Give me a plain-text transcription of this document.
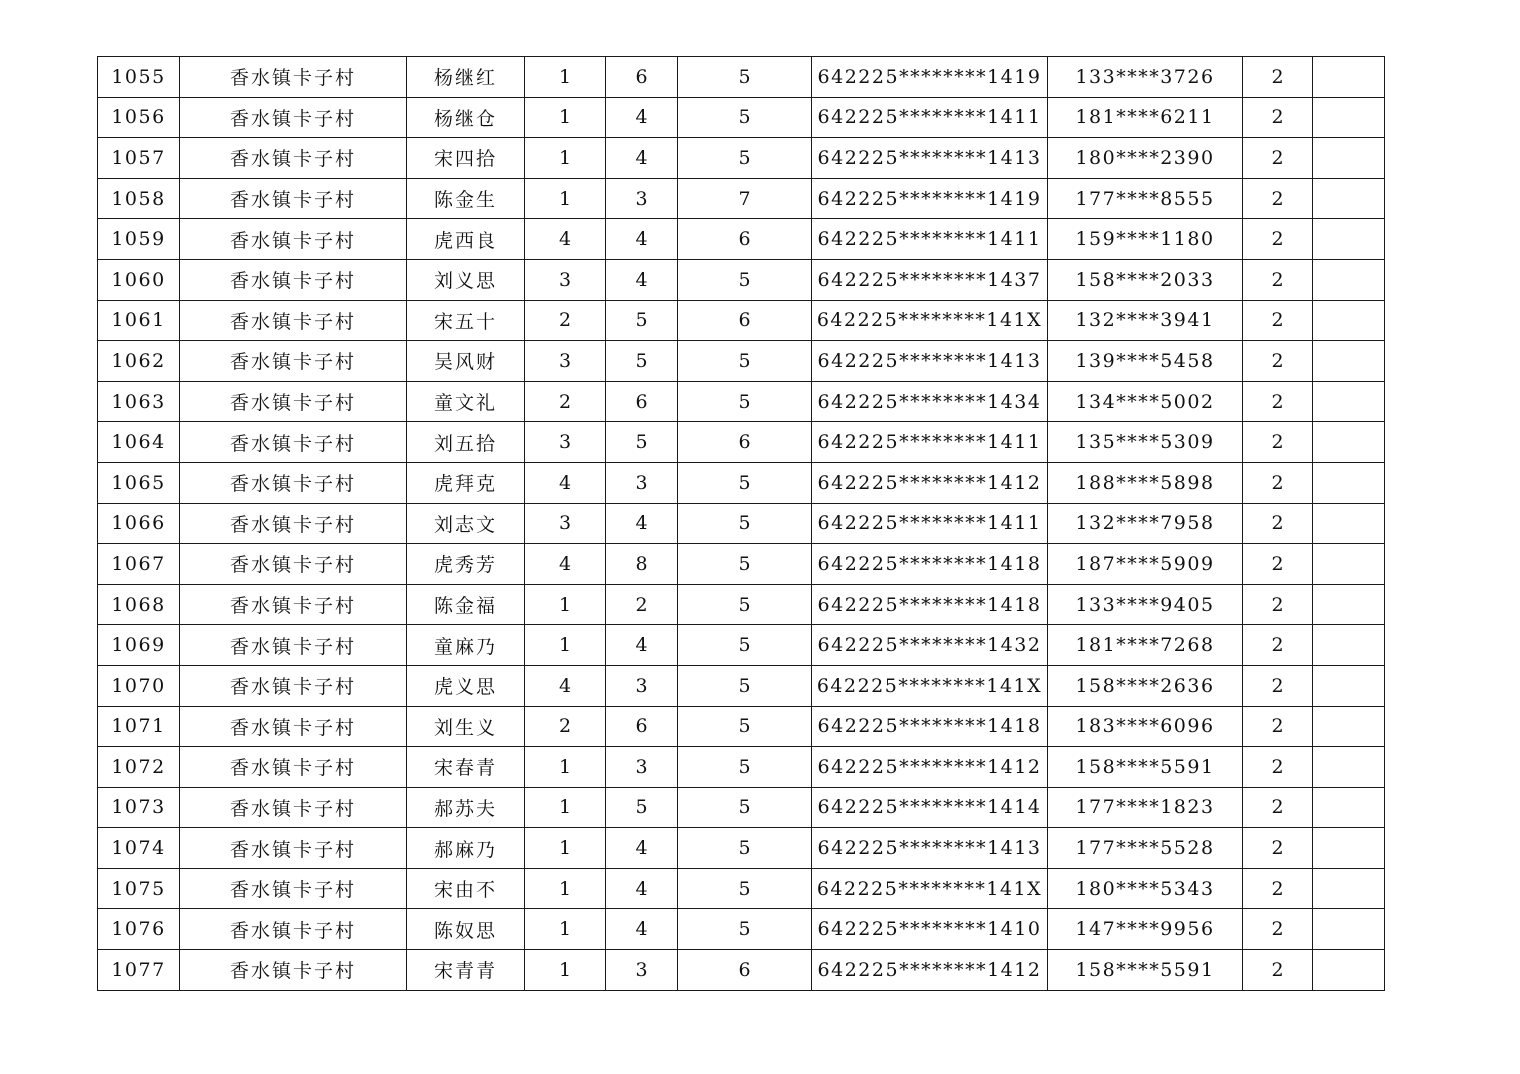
1055	香水镇卡子村	杨继红	1	6	5	642225********1419	133****3726	2	
1056	香水镇卡子村	杨继仓	1	4	5	642225********1411	181****6211	2	
1057	香水镇卡子村	宋四拾	1	4	5	642225********1413	180****2390	2	
1058	香水镇卡子村	陈金生	1	3	7	642225********1419	177****8555	2	
1059	香水镇卡子村	虎西良	4	4	6	642225********1411	159****1180	2	
1060	香水镇卡子村	刘义思	3	4	5	642225********1437	158****2033	2	
1061	香水镇卡子村	宋五十	2	5	6	642225********141X	132****3941	2	
1062	香水镇卡子村	吴风财	3	5	5	642225********1413	139****5458	2	
1063	香水镇卡子村	童文礼	2	6	5	642225********1434	134****5002	2	
1064	香水镇卡子村	刘五拾	3	5	6	642225********1411	135****5309	2	
1065	香水镇卡子村	虎拜克	4	3	5	642225********1412	188****5898	2	
1066	香水镇卡子村	刘志文	3	4	5	642225********1411	132****7958	2	
1067	香水镇卡子村	虎秀芳	4	8	5	642225********1418	187****5909	2	
1068	香水镇卡子村	陈金福	1	2	5	642225********1418	133****9405	2	
1069	香水镇卡子村	童麻乃	1	4	5	642225********1432	181****7268	2	
1070	香水镇卡子村	虎义思	4	3	5	642225********141X	158****2636	2	
1071	香水镇卡子村	刘生义	2	6	5	642225********1418	183****6096	2	
1072	香水镇卡子村	宋春青	1	3	5	642225********1412	158****5591	2	
1073	香水镇卡子村	郝苏夫	1	5	5	642225********1414	177****1823	2	
1074	香水镇卡子村	郝麻乃	1	4	5	642225********1413	177****5528	2	
1075	香水镇卡子村	宋由不	1	4	5	642225********141X	180****5343	2	
1076	香水镇卡子村	陈奴思	1	4	5	642225********1410	147****9956	2	
1077	香水镇卡子村	宋青青	1	3	6	642225********1412	158****5591	2	
